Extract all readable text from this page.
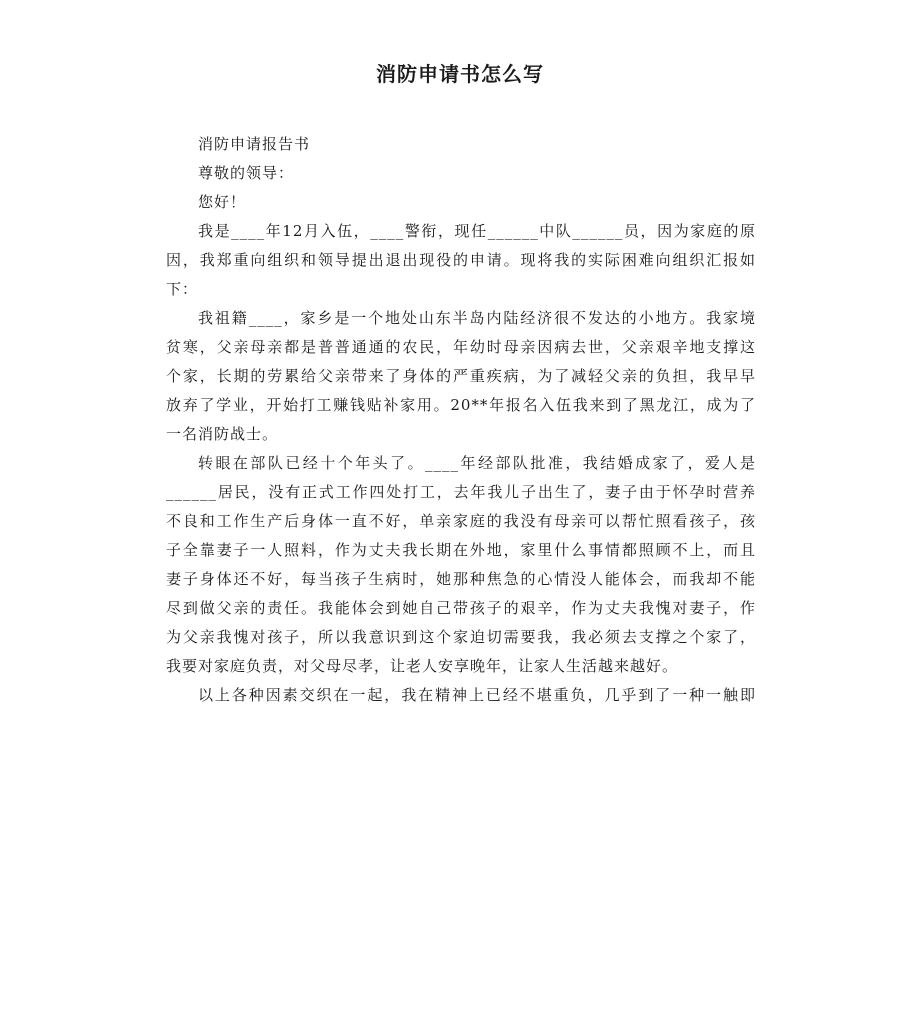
消防申请书怎么写
消防申请报告书
尊敬的领导：
您好！
我是____年12月入伍，____警衔，现任______中队______员，因为家庭的原
因，我郑重向组织和领导提出退出现役的申请。现将我的实际困难向组织汇报如
下：
我祖籍____，家乡是一个地处山东半岛内陆经济很不发达的小地方。我家境
贫寒，父亲母亲都是普普通通的农民，年幼时母亲因病去世，父亲艰辛地支撑这
个家，长期的劳累给父亲带来了身体的严重疾病，为了减轻父亲的负担，我早早
放弃了学业，开始打工赚钱贴补家用。20**年报名入伍我来到了黑龙江，成为了
一名消防战士。
转眼在部队已经十个年头了。____年经部队批准，我结婚成家了，爱人是
______居民，没有正式工作四处打工，去年我儿子出生了，妻子由于怀孕时营养
不良和工作生产后身体一直不好，单亲家庭的我没有母亲可以帮忙照看孩子，孩
子全靠妻子一人照料，作为丈夫我长期在外地，家里什么事情都照顾不上，而且
妻子身体还不好，每当孩子生病时，她那种焦急的心情没人能体会，而我却不能
尽到做父亲的责任。我能体会到她自己带孩子的艰辛，作为丈夫我愧对妻子，作
为父亲我愧对孩子，所以我意识到这个家迫切需要我，我必须去支撑之个家了，
我要对家庭负责，对父母尽孝，让老人安享晚年，让家人生活越来越好。
以上各种因素交织在一起，我在精神上已经不堪重负，几乎到了一种一触即
